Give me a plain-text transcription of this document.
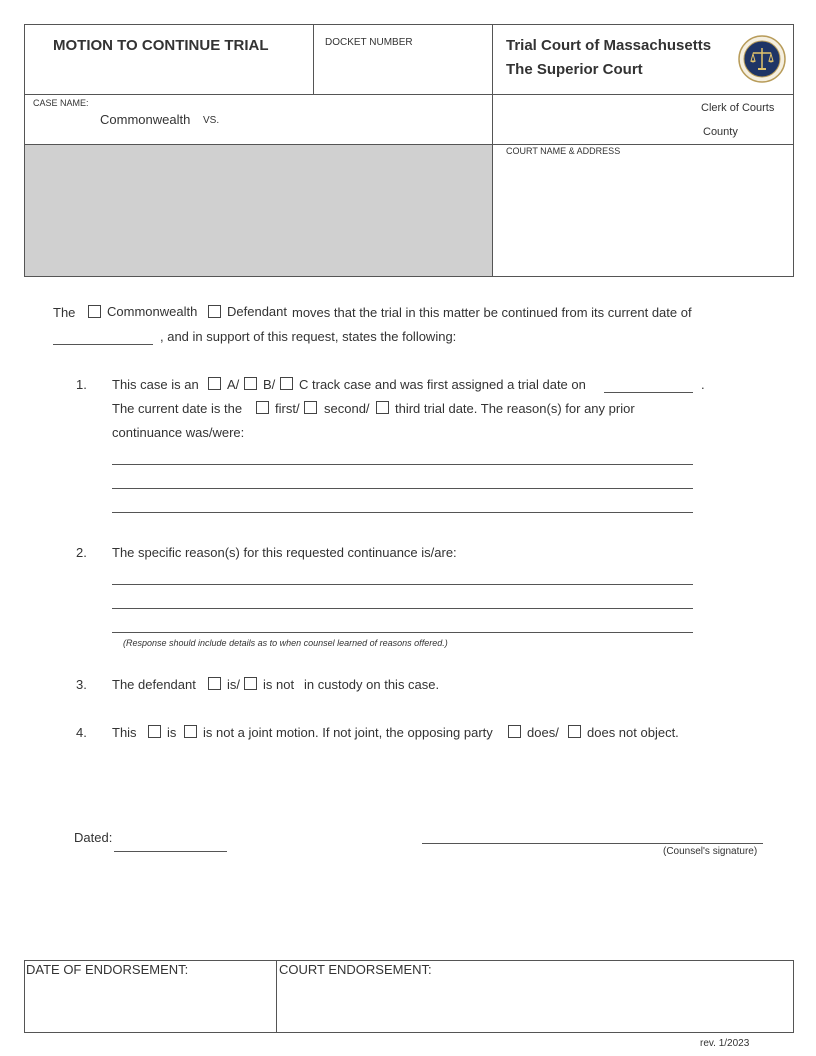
MOTION TO CONTINUE TRIAL	DOCKET NUMBER	Trial Court of Massachusetts
The Superior Court
CASE NAME:
Commonwealth VS.
Clerk of Courts
County
COURT NAME & ADDRESS
The Commonwealth Defendant moves that the trial in this matter be continued from its current date of
, and in support of this request, states the following:
1. This case is an A/ B/ C track case and was first assigned a trial date on	.
The current date is the	first/ second/ third trial date. The reason(s) for any prior
continuance was/were:
2. The specific reason(s) for this requested continuance is/are:
(Response should include details as to when counsel learned of reasons offered.)
3. The defendant is/ is not in custody on this case.
4. This is is not a joint motion. If not joint, the opposing party	does/ does not object.
Dated:
(Counsel's signature)
DATE OF ENDORSEMENT:	COURT ENDORSEMENT:
rev. 1/2023
